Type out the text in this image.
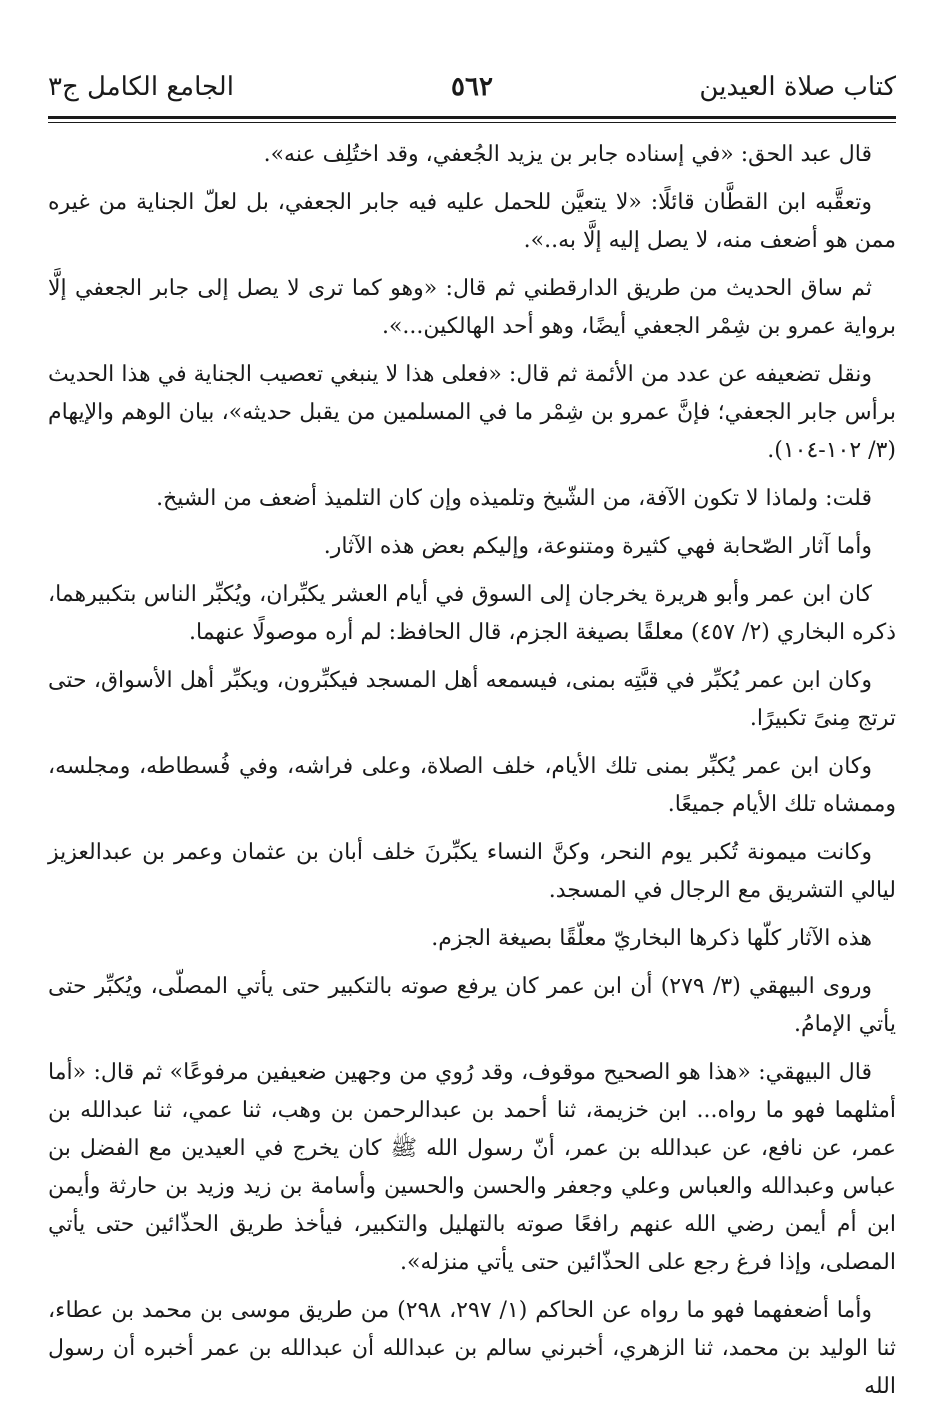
كتاب صلاة العيدين
٥٦٢
الجامع الكامل ج٣

قال عبد الحق: «في إسناده جابر بن يزيد الجُعفي، وقد اختُلِف عنه».

وتعقَّبه ابن القطَّان قائلًا: «لا يتعيَّن للحمل عليه فيه جابر الجعفي، بل لعلّ الجناية من غيره ممن هو أضعف منه، لا يصل إليه إلَّا به..».

ثم ساق الحديث من طريق الدارقطني ثم قال: «وهو كما ترى لا يصل إلى جابر الجعفي إلَّا برواية عمرو بن شِمْر الجعفي أيضًا، وهو أحد الهالكين...».

ونقل تضعيفه عن عدد من الأئمة ثم قال: «فعلى هذا لا ينبغي تعصيب الجناية في هذا الحديث برأس جابر الجعفي؛ فإنَّ عمرو بن شِمْر ما في المسلمين من يقبل حديثه»، بيان الوهم والإيهام (٣/ ١٠٢-١٠٤).

قلت: ولماذا لا تكون الآفة، من الشّيخ وتلميذه وإن كان التلميذ أضعف من الشيخ.

وأما آثار الصّحابة فهي كثيرة ومتنوعة، وإليكم بعض هذه الآثار.

كان ابن عمر وأبو هريرة يخرجان إلى السوق في أيام العشر يكبِّران، ويُكبِّر الناس بتكبيرهما، ذكره البخاري (٢/ ٤٥٧) معلقًا بصيغة الجزم، قال الحافظ: لم أره موصولًا عنهما.

وكان ابن عمر يُكبِّر في قبَّتِه بمنى، فيسمعه أهل المسجد فيكبِّرون، ويكبِّر أهل الأسواق، حتى ترتج مِنىً تكبيرًا.

وكان ابن عمر يُكبِّر بمنى تلك الأيام، خلف الصلاة، وعلى فراشه، وفي فُسطاطه، ومجلسه، وممشاه تلك الأيام جميعًا.

وكانت ميمونة تُكبر يوم النحر، وكنَّ النساء يكبِّرنَ خلف أبان بن عثمان وعمر بن عبدالعزيز ليالي التشريق مع الرجال في المسجد.

هذه الآثار كلّها ذكرها البخاريّ معلّقًا بصيغة الجزم.

وروى البيهقي (٣/ ٢٧٩) أن ابن عمر كان يرفع صوته بالتكبير حتى يأتي المصلّى، ويُكبِّر حتى يأتي الإمامُ.

قال البيهقي: «هذا هو الصحيح موقوف، وقد رُوي من وجهين ضعيفين مرفوعًا» ثم قال: «أما أمثلهما فهو ما رواه... ابن خزيمة، ثنا أحمد بن عبدالرحمن بن وهب، ثنا عمي، ثنا عبدالله بن عمر، عن نافع، عن عبدالله بن عمر، أنّ رسول الله ﷺ كان يخرج في العيدين مع الفضل بن عباس وعبدالله والعباس وعلي وجعفر والحسن والحسين وأسامة بن زيد وزيد بن حارثة وأيمن ابن أم أيمن رضي الله عنهم رافعًا صوته بالتهليل والتكبير، فيأخذ طريق الحذّائين حتى يأتي المصلى، وإذا فرغ رجع على الحذّائين حتى يأتي منزله».

وأما أضعفهما فهو ما رواه عن الحاكم (١/ ٢٩٧، ٢٩٨) من طريق موسى بن محمد بن عطاء، ثنا الوليد بن محمد، ثنا الزهري، أخبرني سالم بن عبدالله أن عبدالله بن عمر أخبره أن رسول الله
